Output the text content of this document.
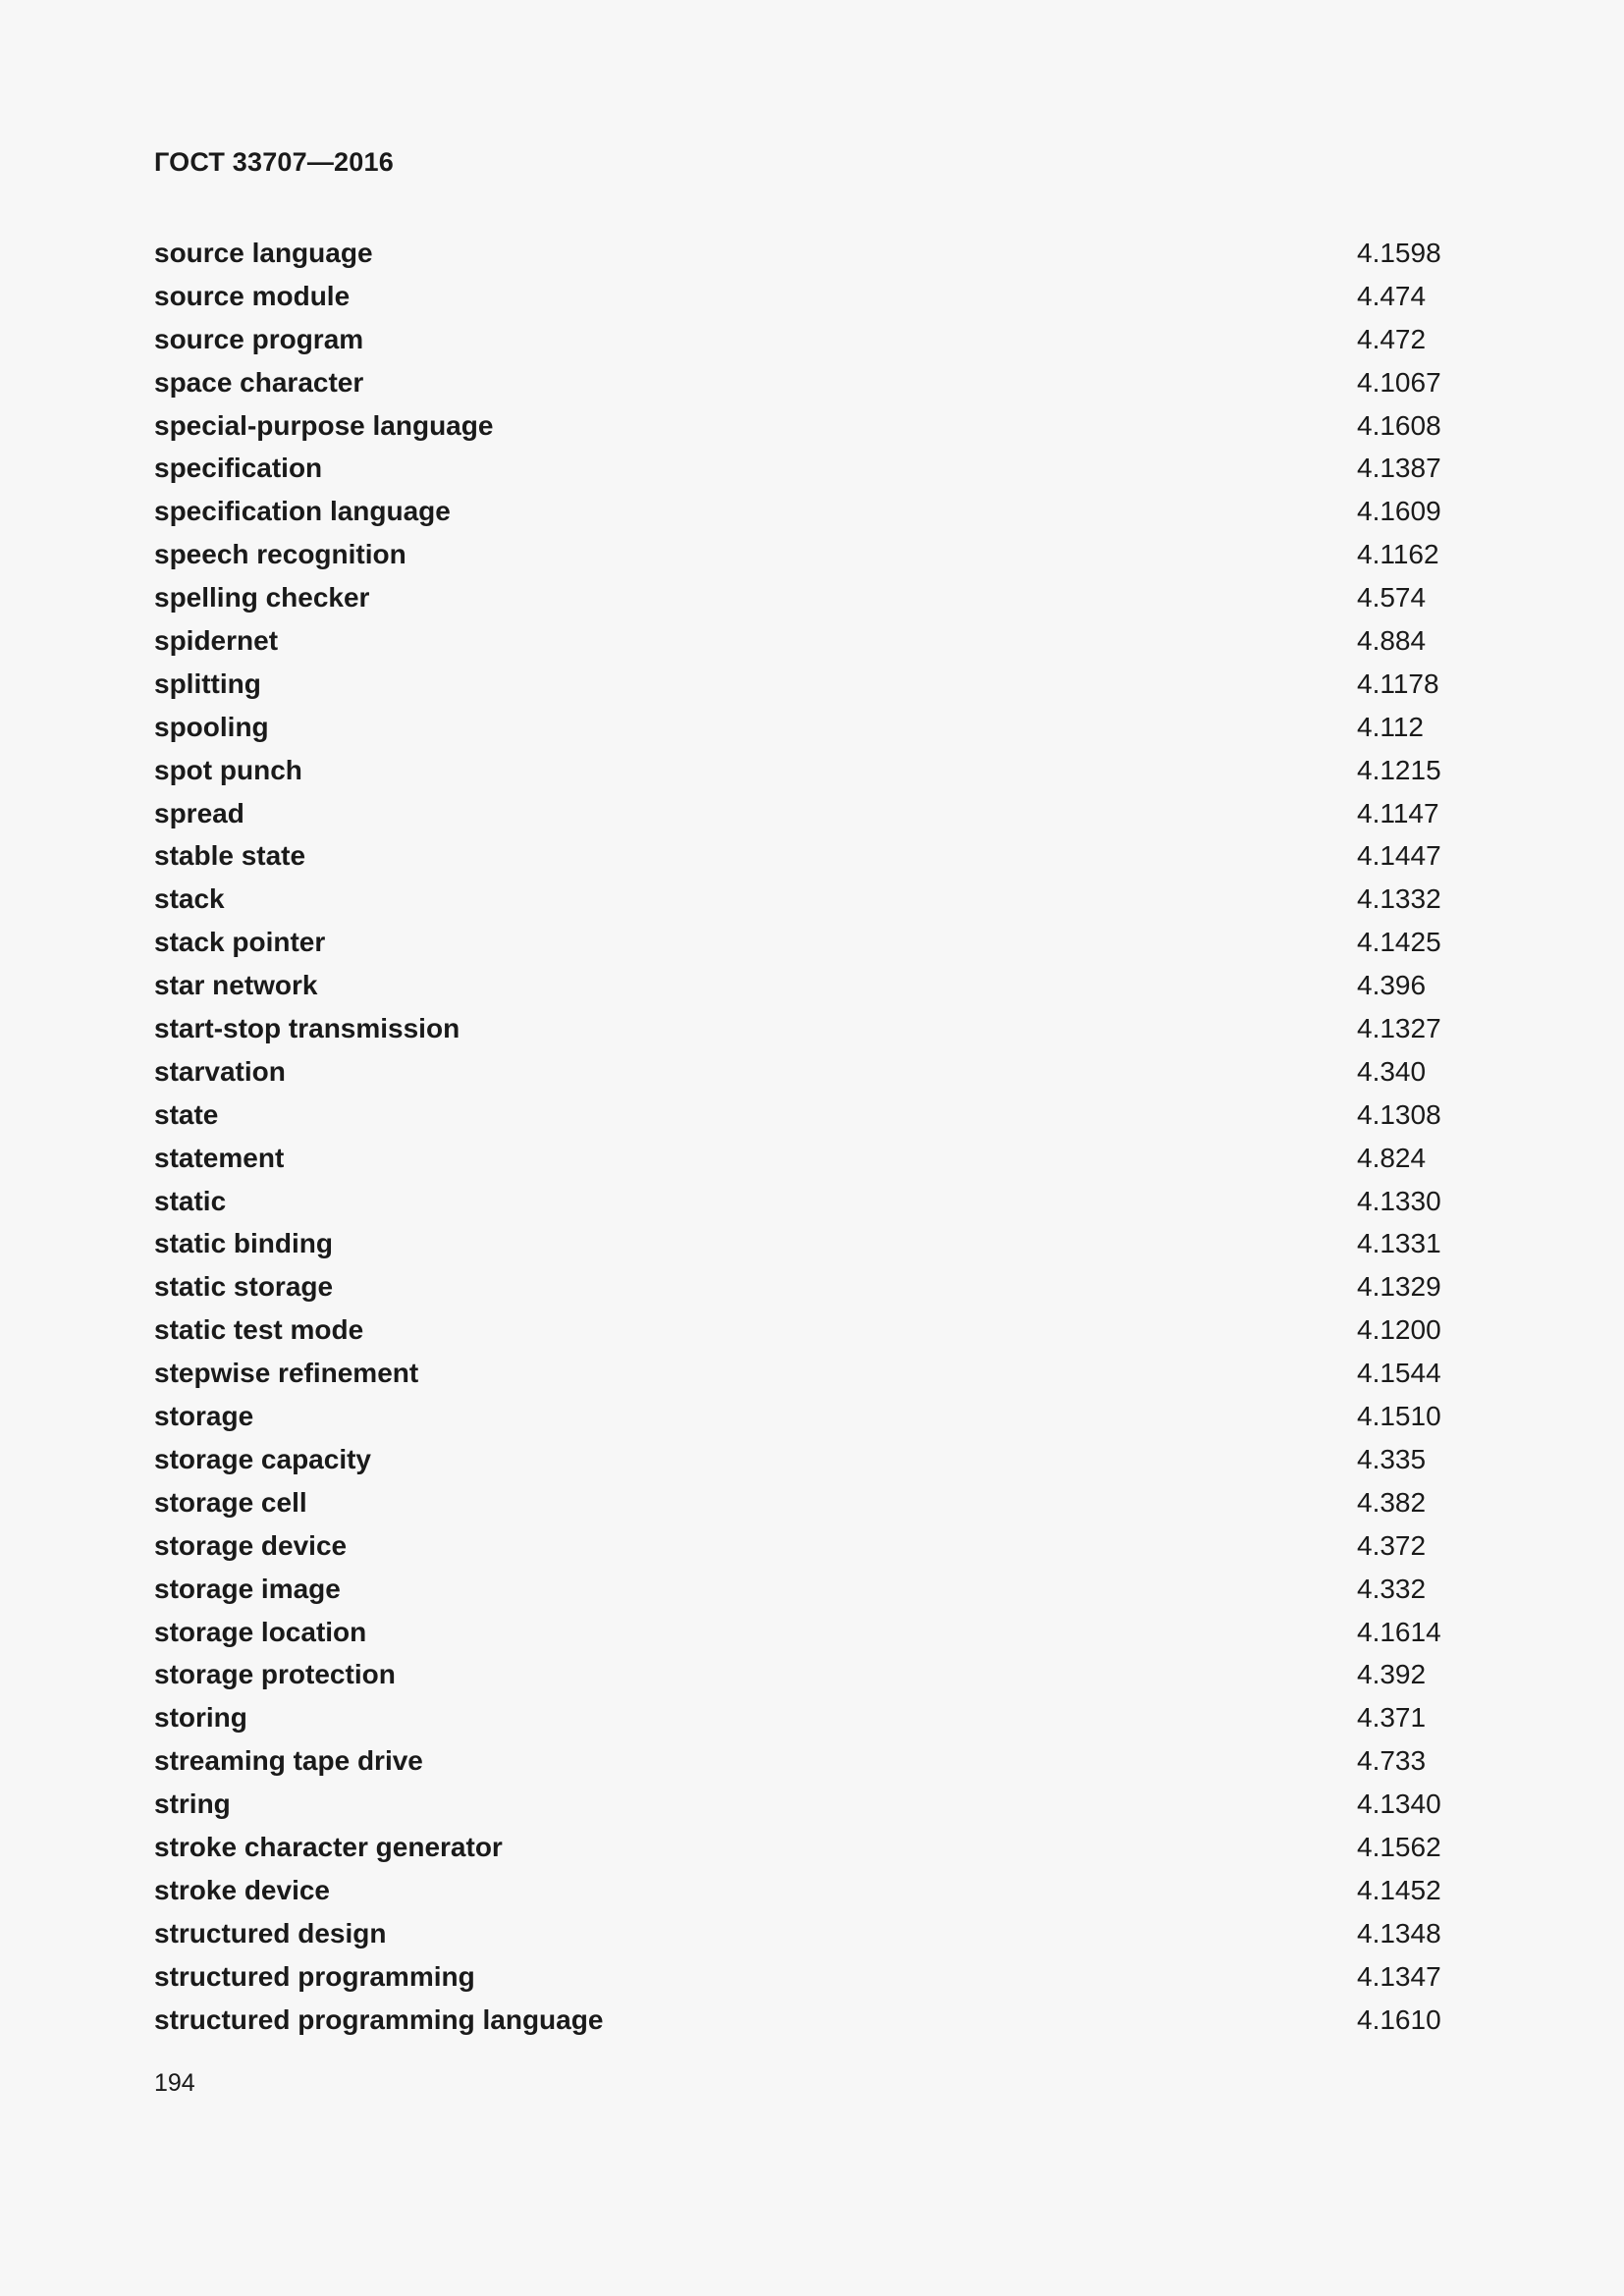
ГОСТ 33707—2016
source language	4.1598
source module	4.474
source program	4.472
space character	4.1067
special-purpose language	4.1608
specification	4.1387
specification language	4.1609
speech recognition	4.1162
spelling checker	4.574
spidernet	4.884
splitting	4.1178
spooling	4.112
spot punch	4.1215
spread	4.1147
stable state	4.1447
stack	4.1332
stack pointer	4.1425
star network	4.396
start-stop transmission	4.1327
starvation	4.340
state	4.1308
statement	4.824
static	4.1330
static binding	4.1331
static storage	4.1329
static test mode	4.1200
stepwise refinement	4.1544
storage	4.1510
storage capacity	4.335
storage cell	4.382
storage device	4.372
storage image	4.332
storage location	4.1614
storage protection	4.392
storing	4.371
streaming tape drive	4.733
string	4.1340
stroke character generator	4.1562
stroke device	4.1452
structured design	4.1348
structured programming	4.1347
structured programming language	4.1610
194
